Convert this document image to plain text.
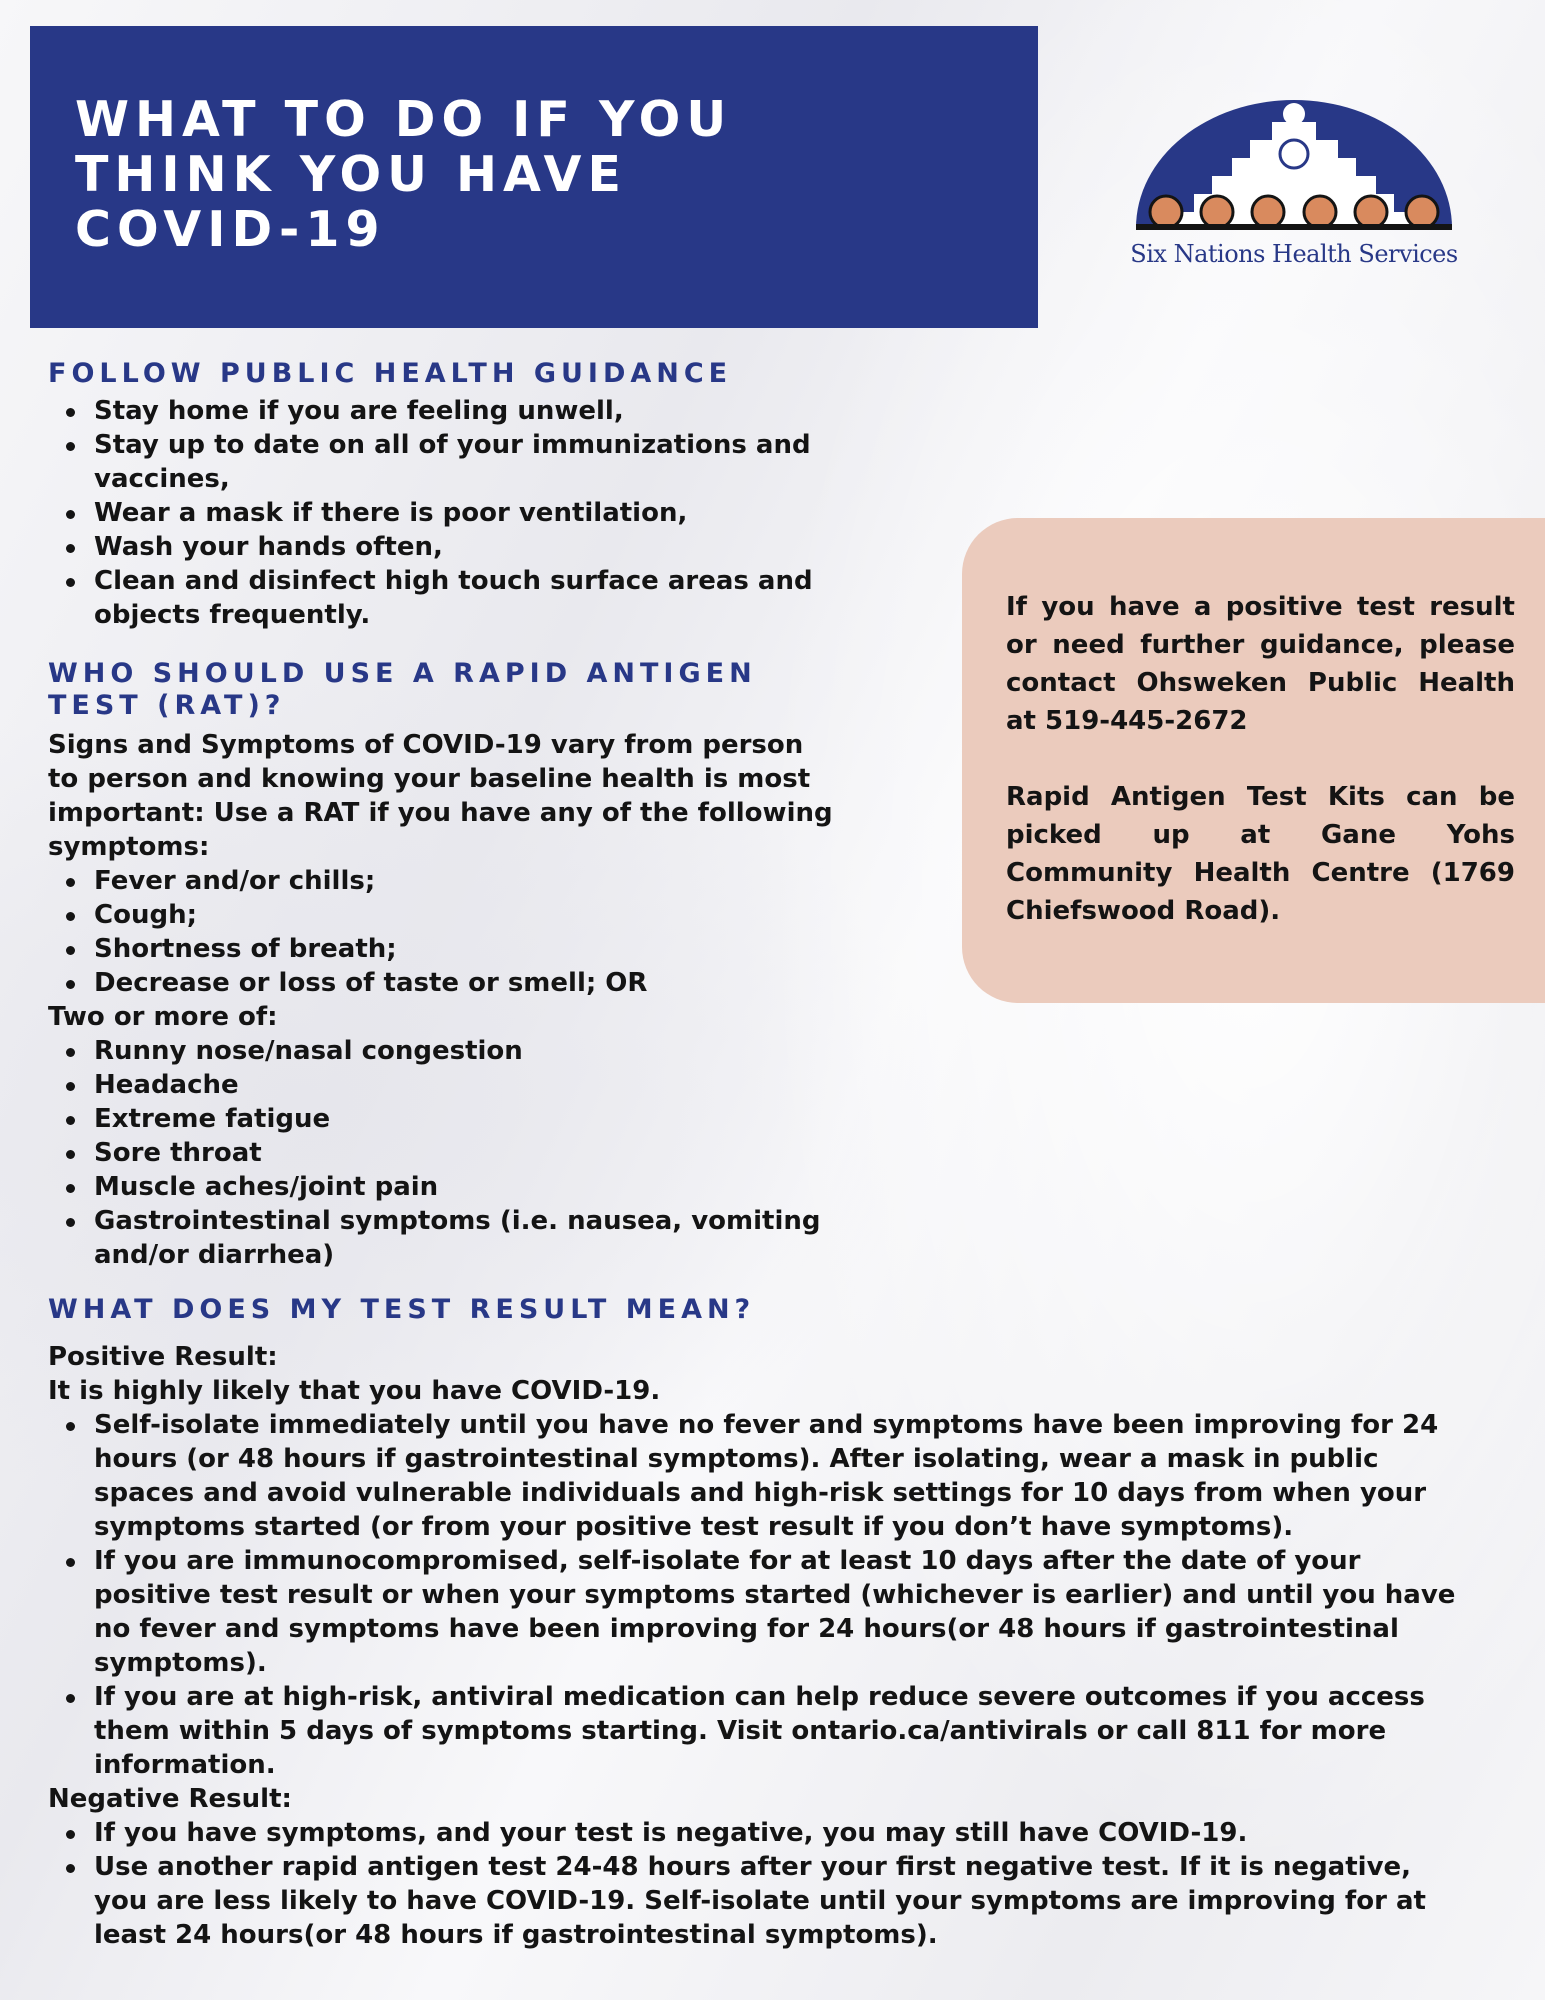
WHAT TO DO IF YOU THINK YOU HAVE COVID-19	Six Nations Health Services
FOLLOW PUBLIC HEALTH GUIDANCE
Stay home if you are feeling unwell,
Stay up to date on all of your immunizations and vaccines,
Wear a mask if there is poor ventilation,
Wash your hands often,
Clean and disinfect high touch surface areas and objects frequently.
WHO SHOULD USE A RAPID ANTIGEN TEST (RAT)?

Signs and Symptoms of COVID-19 vary from person to person and knowing your baseline health is most important: Use a RAT if you have any of the following symptoms:

Fever and/or chills;
Cough;
Shortness of breath;
Decrease or loss of taste or smell; OR

Two or more of:

Runny nose/nasal congestion
Headache
Extreme fatigue
Sore throat
Muscle aches/joint pain
Gastrointestinal symptoms (i.e. nausea, vomiting and/or diarrhea)
WHAT DOES MY TEST RESULT MEAN?

Positive Result:

It is highly likely that you have COVID-19.

Self-isolate immediately until you have no fever and symptoms have been improving for 24 hours (or 48 hours if gastrointestinal symptoms). After isolating, wear a mask in public spaces and avoid vulnerable individuals and high-risk settings for 10 days from when your symptoms started (or from your positive test result if you don’t have symptoms).
If you are immunocompromised, self-isolate for at least 10 days after the date of your positive test result or when your symptoms started (whichever is earlier) and until you have no fever and symptoms have been improving for 24 hours(or 48 hours if gastrointestinal symptoms).
If you are at high-risk, antiviral medication can help reduce severe outcomes if you access them within 5 days of symptoms starting. Visit ontario.ca/antivirals or call 811 for more information.

Negative Result:

If you have symptoms, and your test is negative, you may still have COVID-19.
Use another rapid antigen test 24-48 hours after your first negative test. If it is negative, you are less likely to have COVID-19. Self-isolate until your symptoms are improving for at least 24 hours(or 48 hours if gastrointestinal symptoms).

If you have a positive test result or need further guidance, please contact Ohsweken Public Health at 519-445-2672

Rapid Antigen Test Kits can be picked up at Gane Yohs Community Health Centre (1769 Chiefswood Road).
